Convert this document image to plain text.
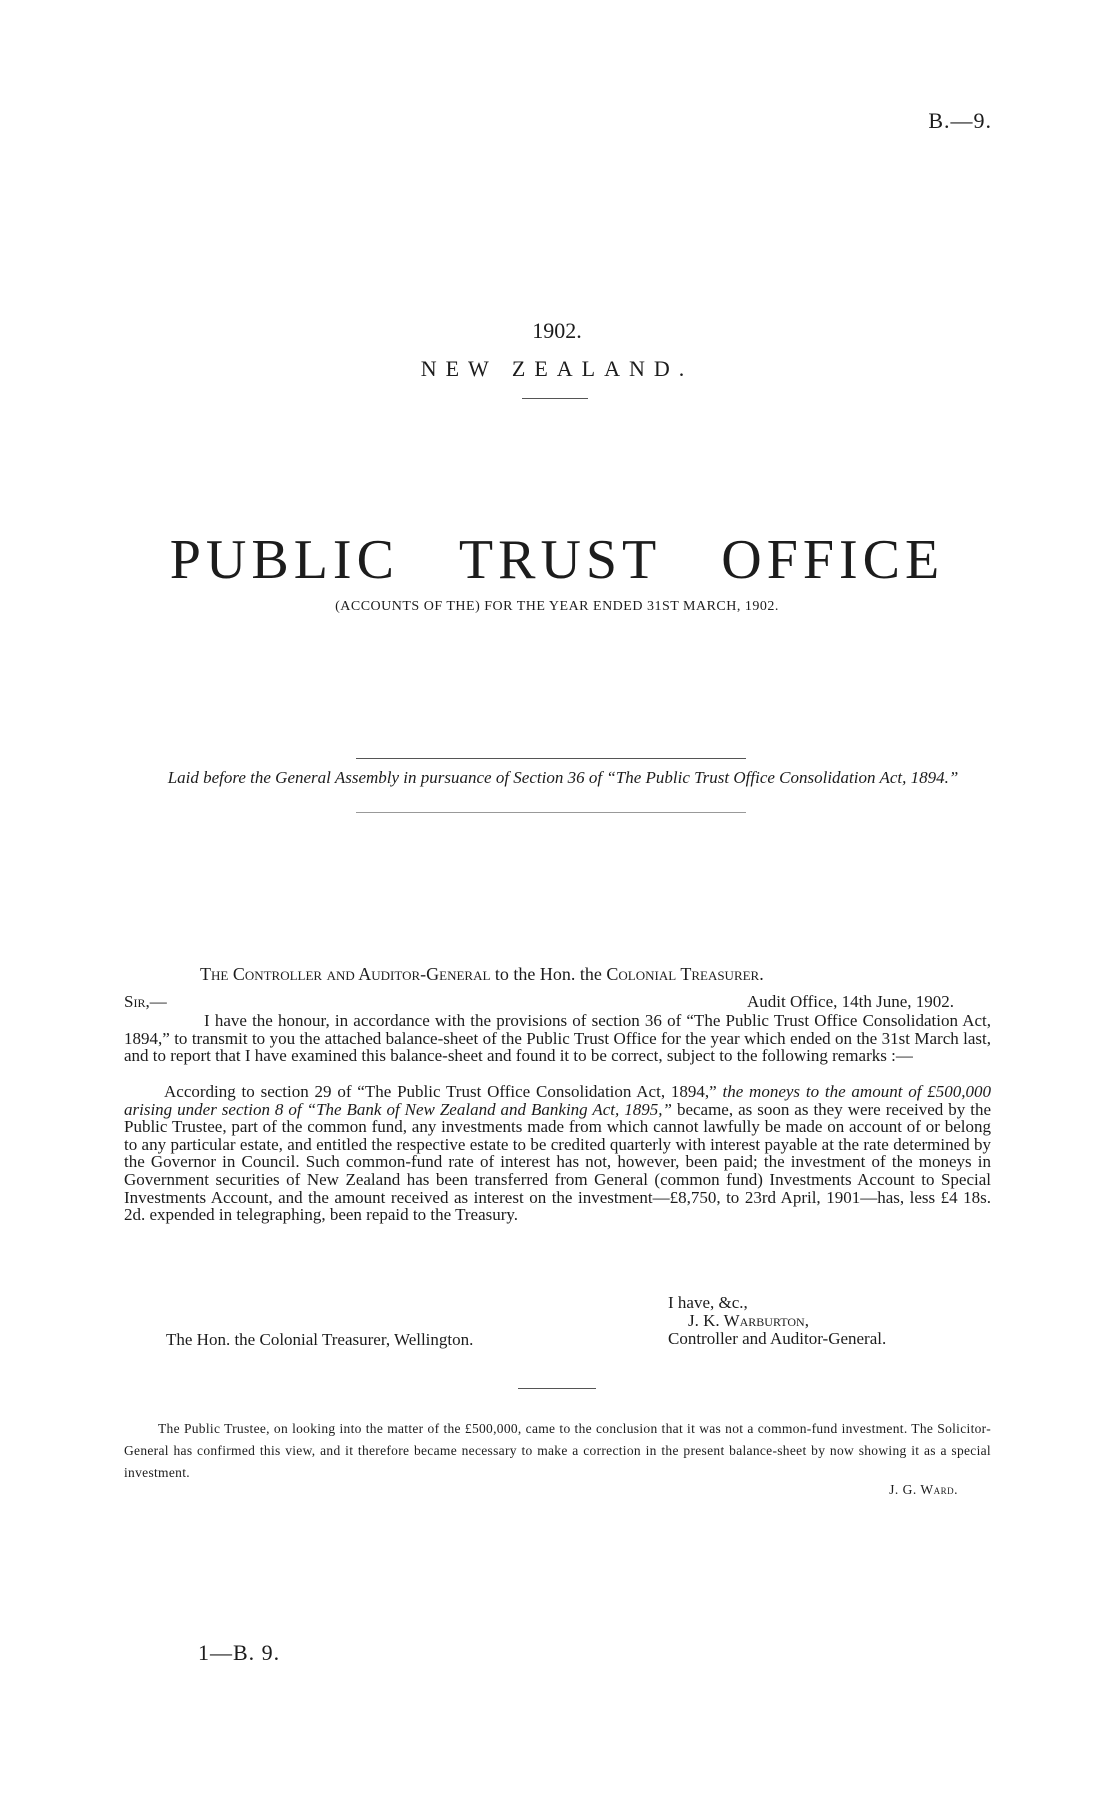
B.—9.
1902.
NEW ZEALAND.
PUBLIC TRUST OFFICE
(ACCOUNTS OF THE) FOR THE YEAR ENDED 31ST MARCH, 1902.
Laid before the General Assembly in pursuance of Section 36 of “The Public Trust Office Consolidation Act, 1894.”
The Controller and Auditor-General to the Hon. the Colonial Treasurer.
Sir,—	Audit Office, 14th June, 1902.
I have the honour, in accordance with the provisions of section 36 of “The Public Trust Office Consolidation Act, 1894,” to transmit to you the attached balance-sheet of the Public Trust Office for the year which ended on the 31st March last, and to report that I have examined this balance-sheet and found it to be correct, subject to the following remarks :—
According to section 29 of “The Public Trust Office Consolidation Act, 1894,” the moneys to the amount of £500,000 arising under section 8 of “The Bank of New Zealand and Banking Act, 1895,” became, as soon as they were received by the Public Trustee, part of the common fund, any investments made from which cannot lawfully be made on account of or belong to any particular estate, and entitled the respective estate to be credited quarterly with interest payable at the rate determined by the Governor in Council. Such common-fund rate of interest has not, however, been paid; the investment of the moneys in Government securities of New Zealand has been transferred from General (common fund) Investments Account to Special Investments Account, and the amount received as interest on the investment—£8,750, to 23rd April, 1901—has, less £4 18s. 2d. expended in telegraphing, been repaid to the Treasury.
I have, &c.,
J. K. Warburton,
Controller and Auditor-General.
The Hon. the Colonial Treasurer, Wellington.
The Public Trustee, on looking into the matter of the £500,000, came to the conclusion that it was not a common-fund investment. The Solicitor-General has confirmed this view, and it therefore became necessary to make a correction in the present balance-sheet by now showing it as a special investment.
J. G. Ward.
1—B. 9.
